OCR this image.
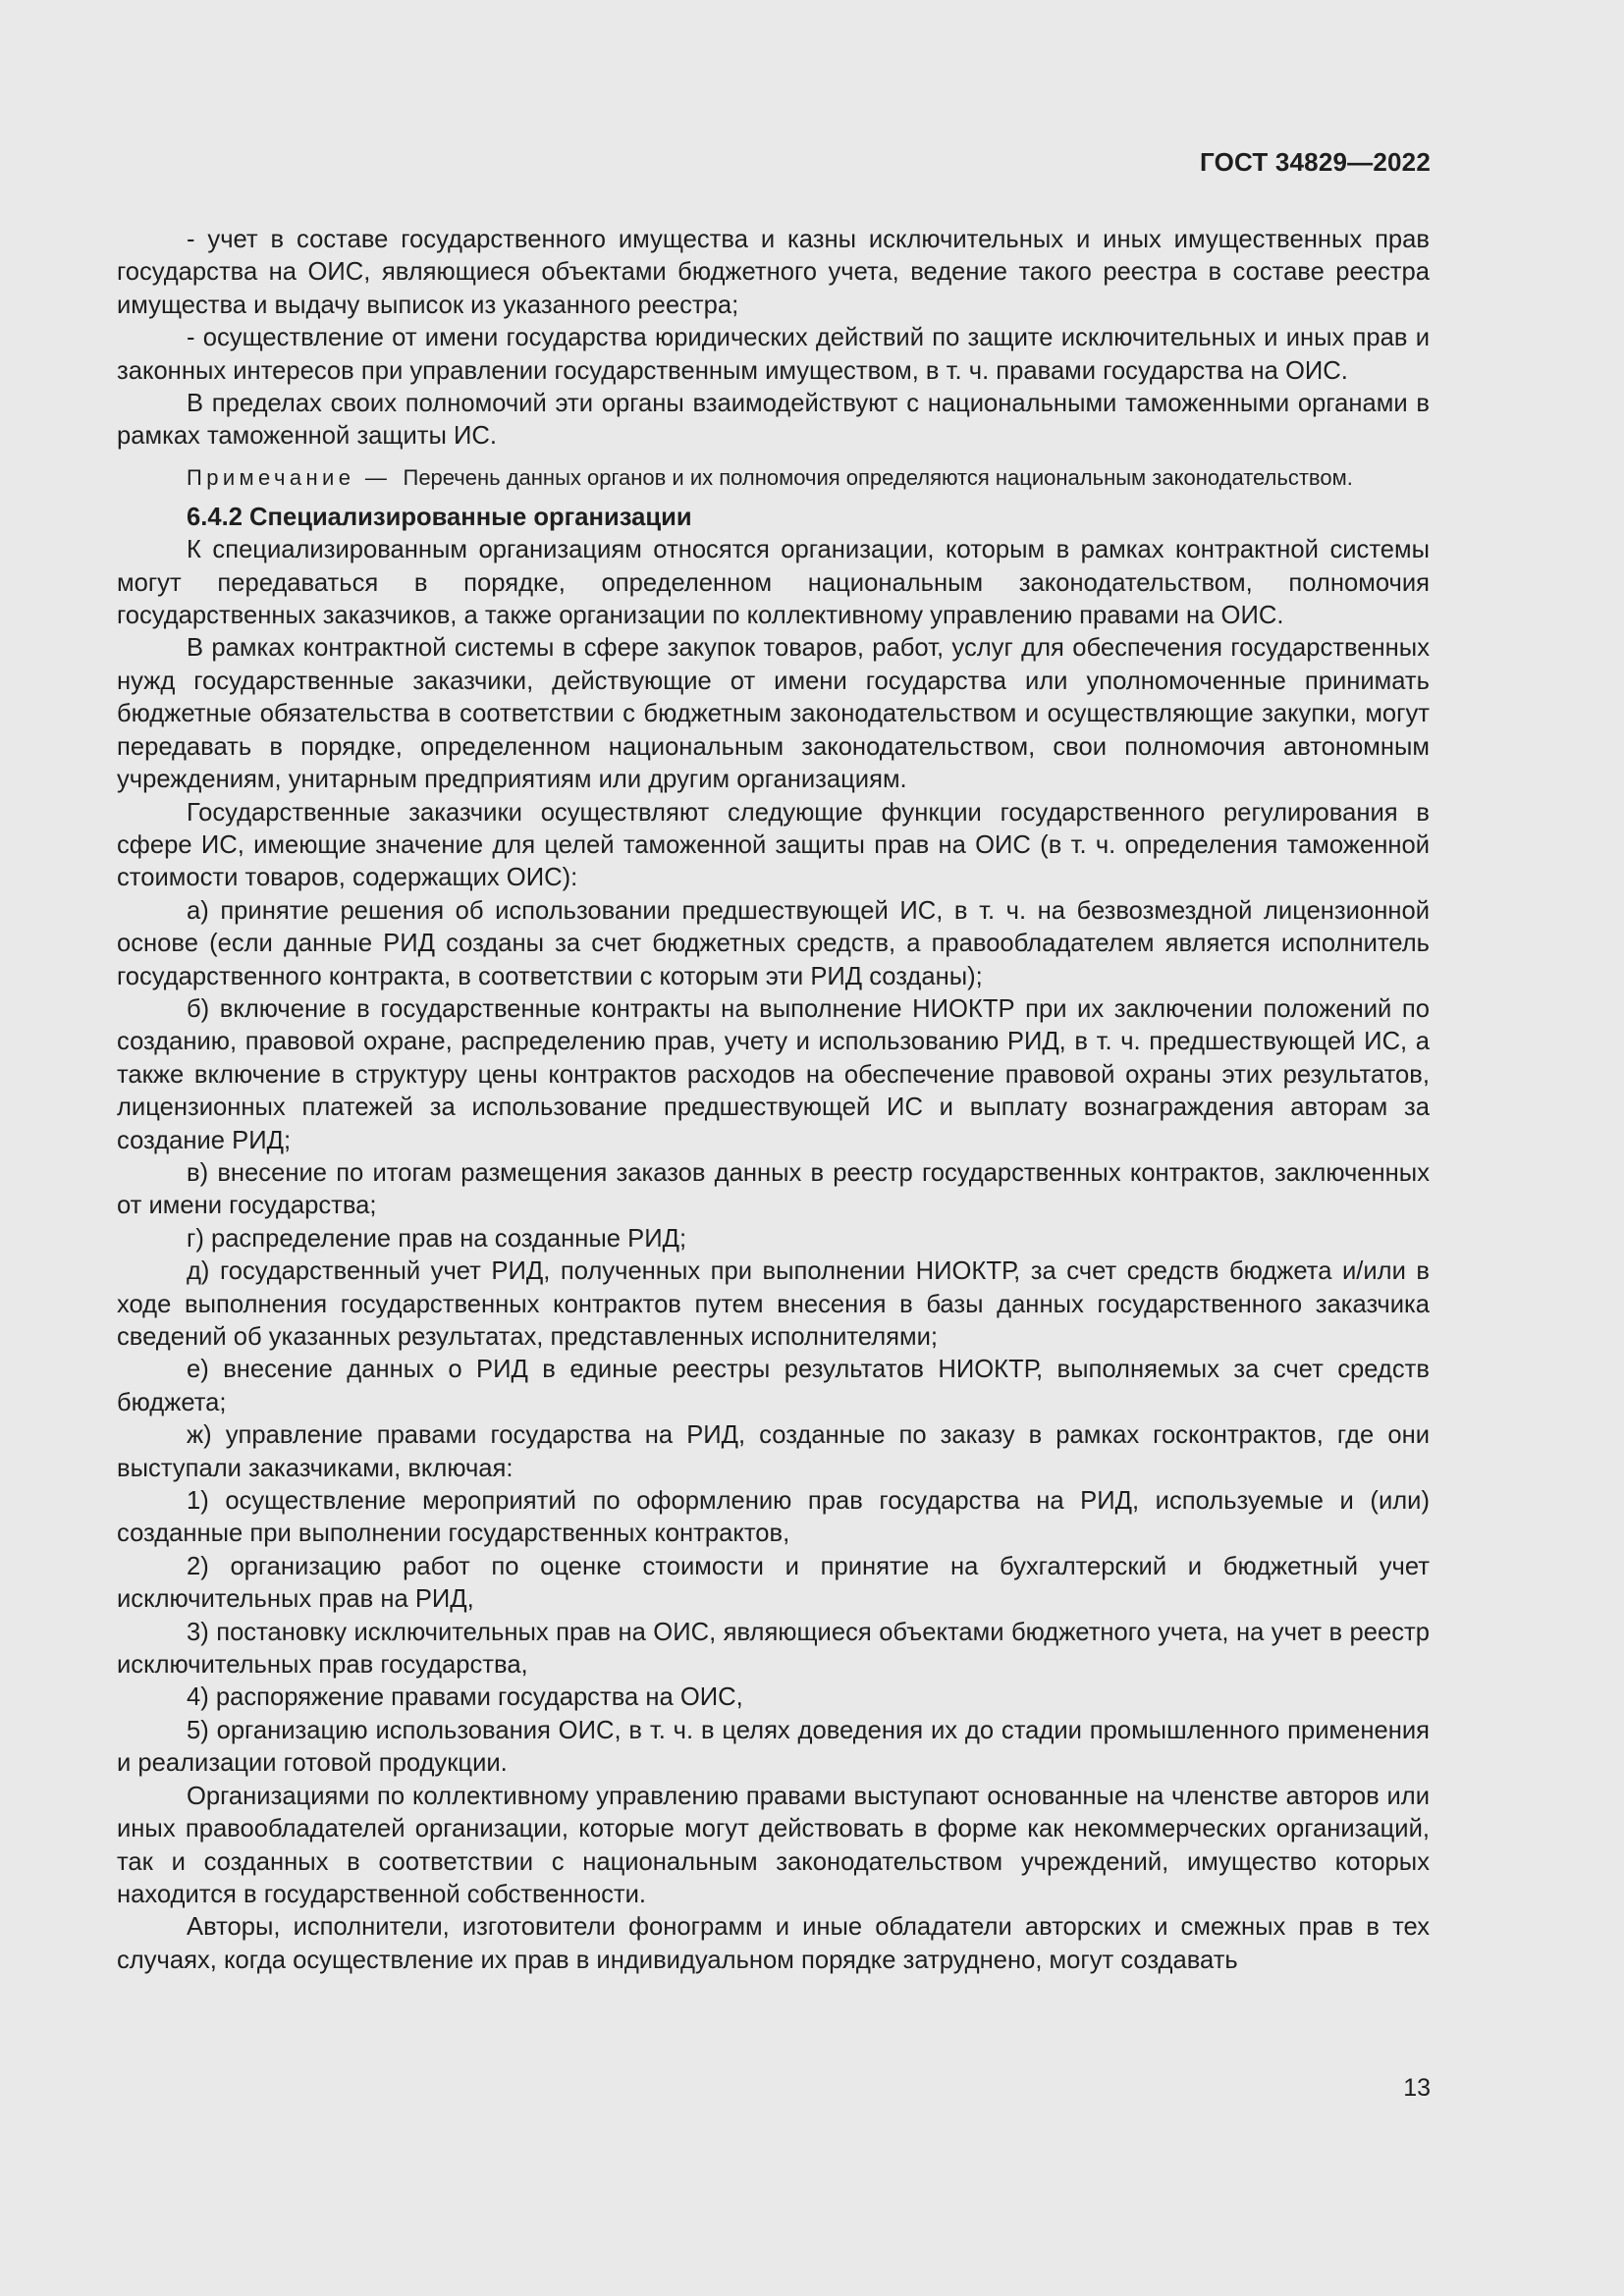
ГОСТ 34829—2022

- учет в составе государственного имущества и казны исключительных и иных имущественных прав государства на ОИС, являющиеся объектами бюджетного учета, ведение такого реестра в составе реестра имущества и выдачу выписок из указанного реестра;

- осуществление от имени государства юридических действий по защите исключительных и иных прав и законных интересов при управлении государственным имуществом, в т. ч. правами государства на ОИС.

В пределах своих полномочий эти органы взаимодействуют с национальными таможенными органами в рамках таможенной защиты ИС.

Примечание — Перечень данных органов и их полномочия определяются национальным законодательством.

6.4.2 Специализированные организации

К специализированным организациям относятся организации, которым в рамках контрактной системы могут передаваться в порядке, определенном национальным законодательством, полномочия государственных заказчиков, а также организации по коллективному управлению правами на ОИС.

В рамках контрактной системы в сфере закупок товаров, работ, услуг для обеспечения государственных нужд государственные заказчики, действующие от имени государства или уполномоченные принимать бюджетные обязательства в соответствии с бюджетным законодательством и осуществляющие закупки, могут передавать в порядке, определенном национальным законодательством, свои полномочия автономным учреждениям, унитарным предприятиям или другим организациям.

Государственные заказчики осуществляют следующие функции государственного регулирования в сфере ИС, имеющие значение для целей таможенной защиты прав на ОИС (в т. ч. определения таможенной стоимости товаров, содержащих ОИС):

а) принятие решения об использовании предшествующей ИС, в т. ч. на безвозмездной лицензионной основе (если данные РИД созданы за счет бюджетных средств, а правообладателем является исполнитель государственного контракта, в соответствии с которым эти РИД созданы);

б) включение в государственные контракты на выполнение НИОКТР при их заключении положений по созданию, правовой охране, распределению прав, учету и использованию РИД, в т. ч. предшествующей ИС, а также включение в структуру цены контрактов расходов на обеспечение правовой охраны этих результатов, лицензионных платежей за использование предшествующей ИС и выплату вознаграждения авторам за создание РИД;

в) внесение по итогам размещения заказов данных в реестр государственных контрактов, заключенных от имени государства;

г) распределение прав на созданные РИД;

д) государственный учет РИД, полученных при выполнении НИОКТР, за счет средств бюджета и/или в ходе выполнения государственных контрактов путем внесения в базы данных государственного заказчика сведений об указанных результатах, представленных исполнителями;

е) внесение данных о РИД в единые реестры результатов НИОКТР, выполняемых за счет средств бюджета;

ж) управление правами государства на РИД, созданные по заказу в рамках госконтрактов, где они выступали заказчиками, включая:

1) осуществление мероприятий по оформлению прав государства на РИД, используемые и (или) созданные при выполнении государственных контрактов,

2) организацию работ по оценке стоимости и принятие на бухгалтерский и бюджетный учет исключительных прав на РИД,

3) постановку исключительных прав на ОИС, являющиеся объектами бюджетного учета, на учет в реестр исключительных прав государства,

4) распоряжение правами государства на ОИС,

5) организацию использования ОИС, в т. ч. в целях доведения их до стадии промышленного применения и реализации готовой продукции.

Организациями по коллективному управлению правами выступают основанные на членстве авторов или иных правообладателей организации, которые могут действовать в форме как некоммерческих организаций, так и созданных в соответствии с национальным законодательством учреждений, имущество которых находится в государственной собственности.

Авторы, исполнители, изготовители фонограмм и иные обладатели авторских и смежных прав в тех случаях, когда осуществление их прав в индивидуальном порядке затруднено, могут создавать

13
